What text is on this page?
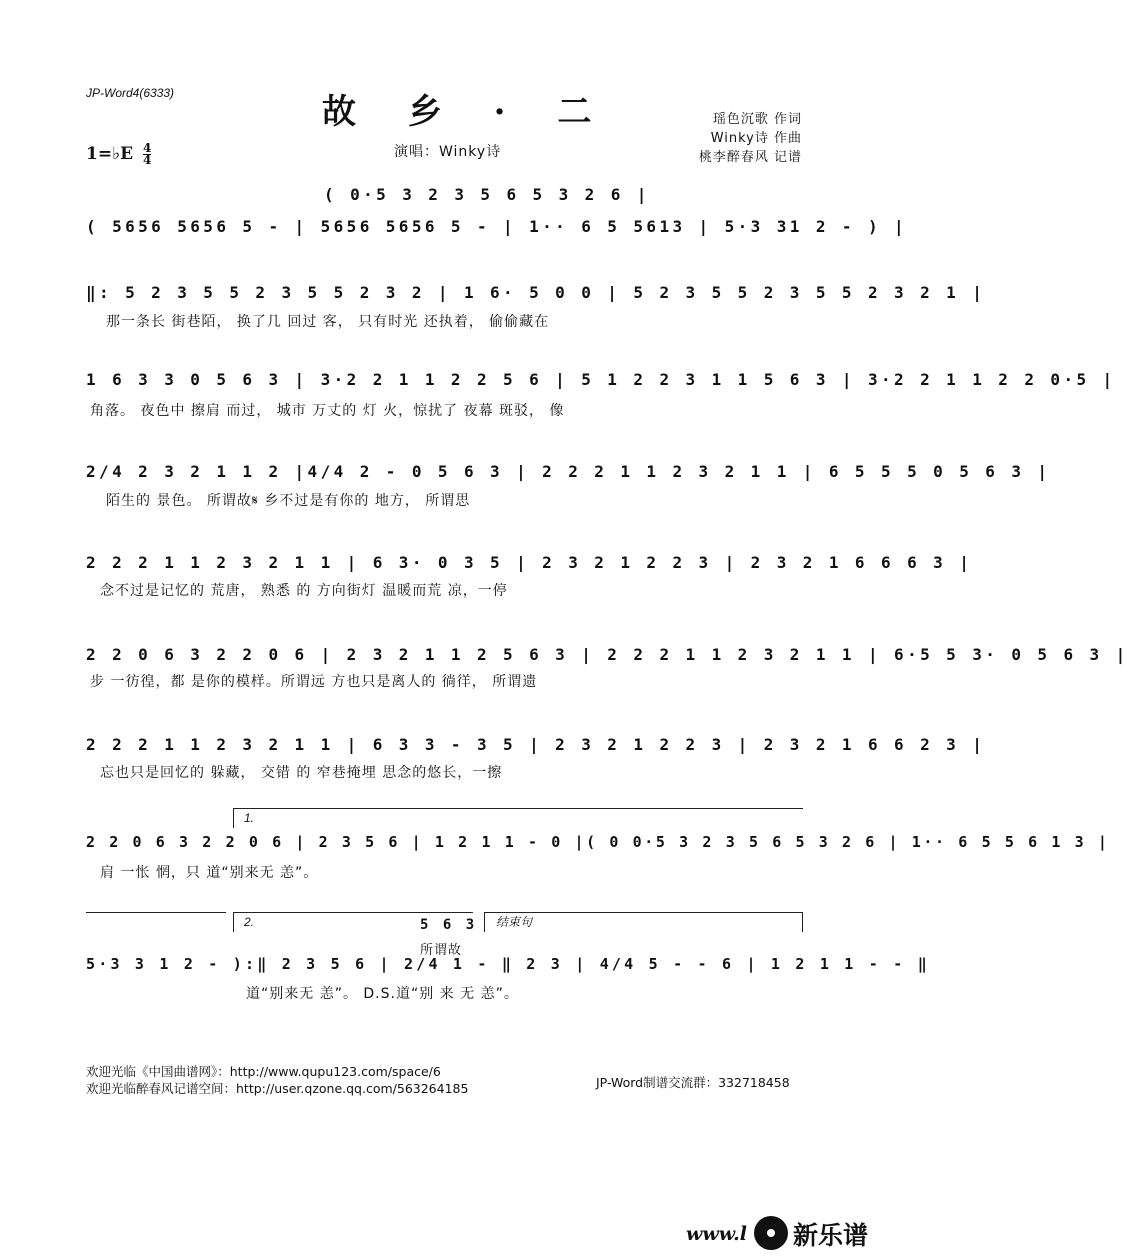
JP-Word4(6333)	故 乡 · 二
1=♭E $\frac{4}{4}$	演唱：Winky诗
瑶色沉歌 作词
Winky诗 作曲
桃李醉春风 记谱
( 0·5 3 2 3 5 6 5 3 2 6 |
( 5656 5656 5 - | 5656 5656 5 - | 1·· 6 5 5613 | 5·3 31 2 - ) |
‖: 5 2 3 5 5 2 3 5 5 2 3 2 | 1 6· 5 0 0 | 5 2 3 5 5 2 3 5 5 2 3 2 1 |
那一条长 街巷陌， 换了几 回过 客， 只有时光 还执着， 偷偷藏在
1 6 3 3 0 5 6 3 | 3·2 2 1 1 2 2 5 6 | 5 1 2 2 3 1 1 5 6 3 | 3·2 2 1 1 2 2 0·5 |
角落。 夜色中 擦肩 而过， 城市 万丈的 灯 火，惊扰了 夜幕 斑驳， 像
2/4 2 3 2 1 1 2 |4/4 2 - 0 5 6 3 | 2 2 2 1 1 2 3 2 1 1 | 6 5 5 5 0 5 6 3 |
陌生的 景色。 所谓故𝄋 乡不过是有你的 地方， 所谓思
2 2 2 1 1 2 3 2 1 1 | 6 3· 0 3 5 | 2 3 2 1 2 2 3 | 2 3 2 1 6 6 6 3 |
念不过是记忆的 荒唐， 熟悉 的 方向街灯 温暖而荒 凉，一停
2 2 0 6 3 2 2 0 6 | 2 3 2 1 1 2 5 6 3 | 2 2 2 1 1 2 3 2 1 1 | 6·5 5 3· 0 5 6 3 |
步 一彷徨，都 是你的模样。所谓远 方也只是离人的 徜徉， 所谓遗
2 2 2 1 1 2 3 2 1 1 | 6 3 3 - 3 5 | 2 3 2 1 2 2 3 | 2 3 2 1 6 6 2 3 |
忘也只是回忆的 躲藏， 交错 的 窄巷掩埋 思念的悠长，一擦
1.
2 2 0 6 3 2 2 0 6 | 2 3 5 6 | 1 2 1 1 - 0 |( 0 0·5 3 2 3 5 6 5 3 2 6 | 1·· 6 5 5 6 1 3 |
肩 一怅 惘，只 道“别来无 恙”。
2.	结束句
5 6 3
所谓故
5·3 3 1 2 - ):‖ 2 3 5 6 | 2/4 1 - ‖ 2 3 | 4/4 5 - - 6 | 1 2 1 1 - - ‖
道“别来无 恙”。 D.S.道“别 来 无 恙”。
欢迎光临《中国曲谱网》：http://www.qupu123.com/space/6
欢迎光临醉春风记谱空间：http://user.qzone.qq.com/563264185	JP-Word制谱交流群：332718458
www.l 新乐谱
